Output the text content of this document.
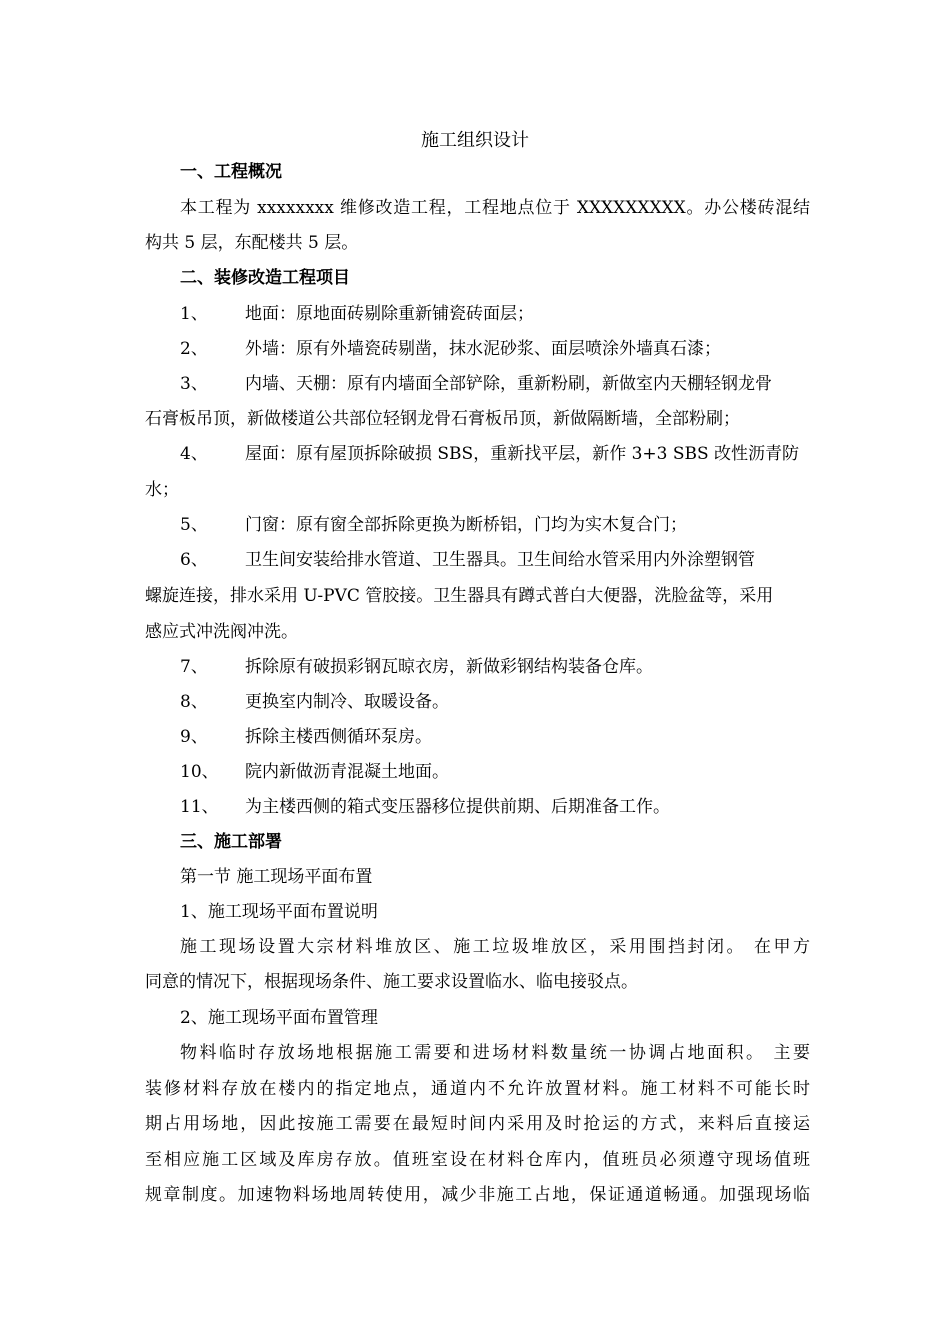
施工组织设计
一、工程概况
本工程为 xxxxxxxx 维修改造工程，工程地点位于 XXXXXXXXX。办公楼砖混结
构共 5 层，东配楼共 5 层。
二、装修改造工程项目
1、 地面：原地面砖剔除重新铺瓷砖面层；
2、 外墙：原有外墙瓷砖剔凿，抹水泥砂浆、面层喷涂外墙真石漆；
3、 内墙、天棚：原有内墙面全部铲除，重新粉刷，新做室内天棚轻钢龙骨
石膏板吊顶，新做楼道公共部位轻钢龙骨石膏板吊顶，新做隔断墙，全部粉刷；
4、 屋面：原有屋顶拆除破损 SBS，重新找平层，新作 3+3 SBS 改性沥青防
水；
5、 门窗：原有窗全部拆除更换为断桥铝，门均为实木复合门；
6、 卫生间安装给排水管道、卫生器具。卫生间给水管采用内外涂塑钢管
螺旋连接，排水采用 U-PVC 管胶接。卫生器具有蹲式普白大便器，洗脸盆等，采用
感应式冲洗阀冲洗。
7、 拆除原有破损彩钢瓦晾衣房，新做彩钢结构装备仓库。
8、 更换室内制冷、取暖设备。
9、 拆除主楼西侧循环泵房。
10、 院内新做沥青混凝土地面。
11、 为主楼西侧的箱式变压器移位提供前期、后期准备工作。
三、施工部署
第一节 施工现场平面布置
1、施工现场平面布置说明
施工现场设置大宗材料堆放区、施工垃圾堆放区，采用围挡封闭。 在甲方
同意的情况下，根据现场条件、施工要求设置临水、临电接驳点。
2、施工现场平面布置管理
物料临时存放场地根据施工需要和进场材料数量统一协调占地面积。 主要
装修材料存放在楼内的指定地点，通道内不允许放置材料。施工材料不可能长时
期占用场地，因此按施工需要在最短时间内采用及时抢运的方式，来料后直接运
至相应施工区域及库房存放。值班室设在材料仓库内，值班员必须遵守现场值班
规章制度。加速物料场地周转使用，减少非施工占地，保证通道畅通。加强现场临
